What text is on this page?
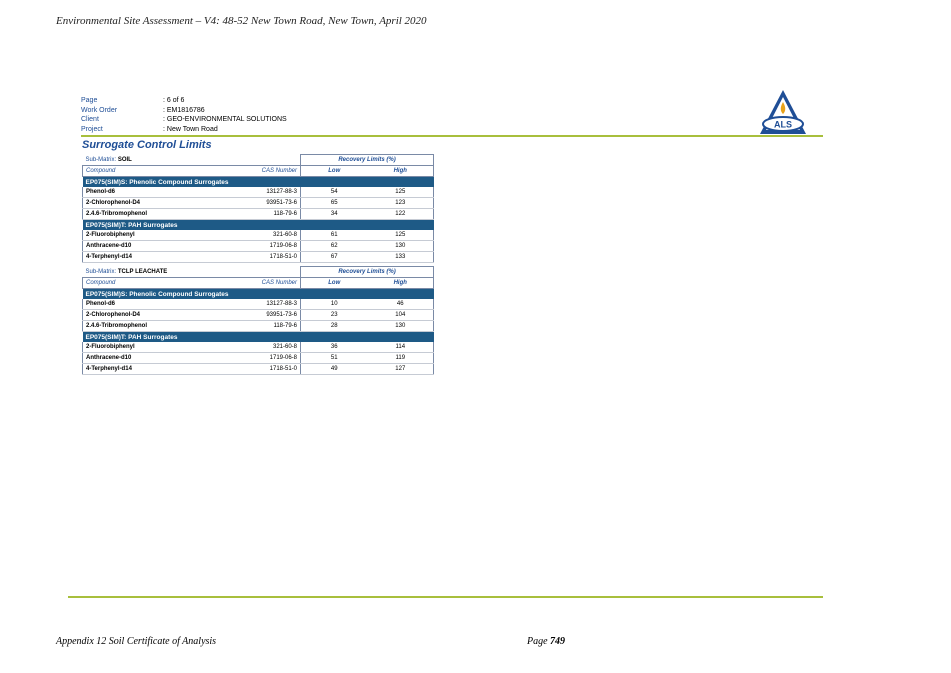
Environmental Site Assessment – V4: 48-52 New Town Road, New Town, April 2020
Page	: 6 of 6
Work Order	: EM1816786
Client	: GEO-ENVIRONMENTAL SOLUTIONS
Project	: New Town Road	ALS
Surrogate Control Limits
Sub-Matrix: SOIL		Recovery Limits (%)	
Compound	CAS Number	Low	High
EP075(SIM)S: Phenolic Compound Surrogates			
Phenol-d6	13127-88-3	54	125
2-Chlorophenol-D4	93951-73-6	65	123
2.4.6-Tribromophenol	118-79-6	34	122
EP075(SIM)T: PAH Surrogates			
2-Fluorobiphenyl	321-60-8	61	125
Anthracene-d10	1719-06-8	62	130
4-Terphenyl-d14	1718-51-0	67	133
Sub-Matrix: TCLP LEACHATE		Recovery Limits (%)	
Compound	CAS Number	Low	High
EP075(SIM)S: Phenolic Compound Surrogates			
Phenol-d6	13127-88-3	10	46
2-Chlorophenol-D4	93951-73-6	23	104
2.4.6-Tribromophenol	118-79-6	28	130
EP075(SIM)T: PAH Surrogates			
2-Fluorobiphenyl	321-60-8	36	114
Anthracene-d10	1719-06-8	51	119
4-Terphenyl-d14	1718-51-0	49	127
Appendix 12 Soil Certificate of Analysis	Page 749
